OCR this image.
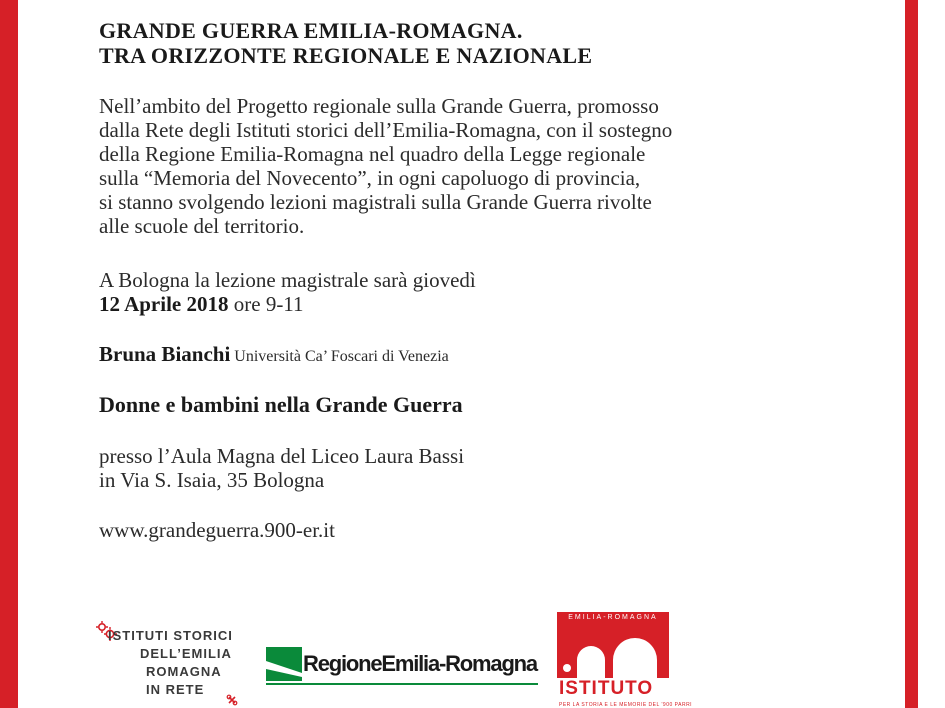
GRANDE GUERRA EMILIA-ROMAGNA.
TRA ORIZZONTE REGIONALE E NAZIONALE
Nell’ambito del Progetto regionale sulla Grande Guerra, promosso
dalla Rete degli Istituti storici dell’Emilia-Romagna, con il sostegno
della Regione Emilia-Romagna nel quadro della Legge regionale
sulla “Memoria del Novecento”, in ogni capoluogo di provincia,
si stanno svolgendo lezioni magistrali sulla Grande Guerra rivolte
alle scuole del territorio.
A Bologna la lezione magistrale sarà giovedì
12 Aprile 2018 ore 9-11
Bruna Bianchi Università Ca’ Foscari di Venezia
Donne e bambini nella Grande Guerra
presso l’Aula Magna del Liceo Laura Bassi
in Via S. Isaia, 35 Bologna
www.grandeguerra.900-er.it
ISTITUTI STORICI
DELL’EMILIA
ROMAGNA
IN RETE
RegioneEmilia-Romagna
EMILIA-ROMAGNA
ISTITUTO
PER LA STORIA E LE MEMORIE DEL '900 PARRI
